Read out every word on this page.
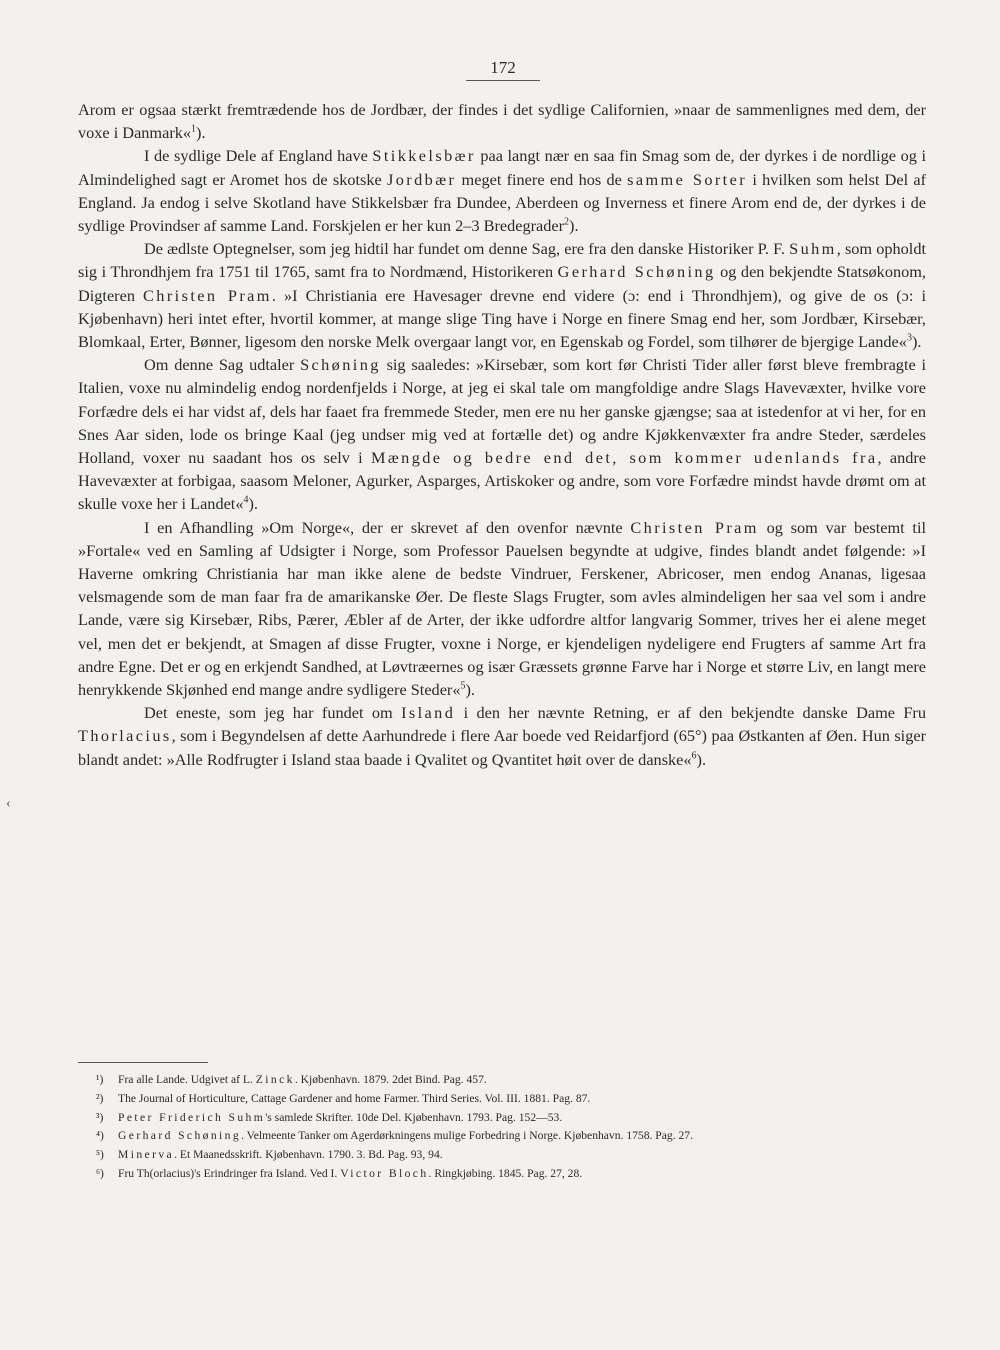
172
‹

Arom er ogsaa stærkt fremtrædende hos de Jordbær, der findes i det sydlige Californien, »naar de sammenlignes med dem, der voxe i Danmark«$^1$).

I de sydlige Dele af England have Stikkelsbær paa langt nær en saa fin Smag som de, der dyrkes i de nordlige og i Almindelighed sagt er Aromet hos de skotske Jordbær meget finere end hos de samme Sorter i hvilken som helst Del af England. Ja endog i selve Skotland have Stikkelsbær fra Dundee, Aberdeen og Inverness et finere Arom end de, der dyrkes i de sydlige Provindser af samme Land. Forskjelen er her kun 2–3 Bredegrader$^2$).

De ædlste Optegnelser, som jeg hidtil har fundet om denne Sag, ere fra den danske Historiker P. F. Suhm, som opholdt sig i Throndhjem fra 1751 til 1765, samt fra to Nordmænd, Historikeren Gerhard Schøning og den bekjendte Statsøkonom, Digteren Christen Pram. »I Christiania ere Havesager drevne end videre (ɔ: end i Throndhjem), og give de os (ɔ: i Kjøbenhavn) heri intet efter, hvortil kommer, at mange slige Ting have i Norge en finere Smag end her, som Jordbær, Kirsebær, Blomkaal, Erter, Bønner, ligesom den norske Melk overgaar langt vor, en Egenskab og Fordel, som tilhører de bjergige Lande«$^3$).

Om denne Sag udtaler Schøning sig saaledes: »Kirsebær, som kort før Christi Tider aller først bleve frembragte i Italien, voxe nu almindelig endog nordenfjelds i Norge, at jeg ei skal tale om mangfoldige andre Slags Havevæxter, hvilke vore Forfædre dels ei har vidst af, dels har faaet fra fremmede Steder, men ere nu her ganske gjængse; saa at istedenfor at vi her, for en Snes Aar siden, lode os bringe Kaal (jeg undser mig ved at fortælle det) og andre Kjøkkenvæxter fra andre Steder, særdeles Holland, voxer nu saadant hos os selv i Mængde og bedre end det, som kommer udenlands fra, andre Havevæxter at forbigaa, saasom Meloner, Agurker, Asparges, Artiskoker og andre, som vore Forfædre mindst havde drømt om at skulle voxe her i Landet«$^4$).

I en Afhandling »Om Norge«, der er skrevet af den ovenfor nævnte Christen Pram og som var bestemt til »Fortale« ved en Samling af Udsigter i Norge, som Professor Pauelsen begyndte at udgive, findes blandt andet følgende: »I Haverne omkring Christiania har man ikke alene de bedste Vindruer, Ferskener, Abricoser, men endog Ananas, ligesaa velsmagende som de man faar fra de amarikanske Øer. De fleste Slags Frugter, som avles almindeligen her saa vel som i andre Lande, være sig Kirsebær, Ribs, Pærer, Æbler af de Arter, der ikke udfordre altfor langvarig Sommer, trives her ei alene meget vel, men det er bekjendt, at Smagen af disse Frugter, voxne i Norge, er kjendeligen nydeligere end Frugters af samme Art fra andre Egne. Det er og en erkjendt Sandhed, at Løvtræernes og især Græssets grønne Farve har i Norge et større Liv, en langt mere henrykkende Skjønhed end mange andre sydligere Steder«$^5$).

Det eneste, som jeg har fundet om Island i den her nævnte Retning, er af den bekjendte danske Dame Fru Thorlacius, som i Begyndelsen af dette Aarhundrede i flere Aar boede ved Reidarfjord (65°) paa Østkanten af Øen. Hun siger blandt andet: »Alle Rodfrugter i Island staa baade i Qvalitet og Qvantitet høit over de danske«$^6$).

¹)	Fra alle Lande. Udgivet af L. Zinck. Kjøbenhavn. 1879. 2det Bind. Pag. 457.
²)	The Journal of Horticulture, Cattage Gardener and home Farmer. Third Series. Vol. III. 1881. Pag. 87.
³)	Peter Friderich Suhm's samlede Skrifter. 10de Del. Kjøbenhavn. 1793. Pag. 152—53.
⁴)	Gerhard Schøning. Velmeente Tanker om Agerdørkningens mulige Forbedring i Norge. Kjøbenhavn. 1758. Pag. 27.
⁵)	Minerva. Et Maanedsskrift. Kjøbenhavn. 1790. 3. Bd. Pag. 93, 94.
⁶)	Fru Th(orlacius)'s Erindringer fra Island. Ved I. Victor Bloch. Ringkjøbing. 1845. Pag. 27, 28.
